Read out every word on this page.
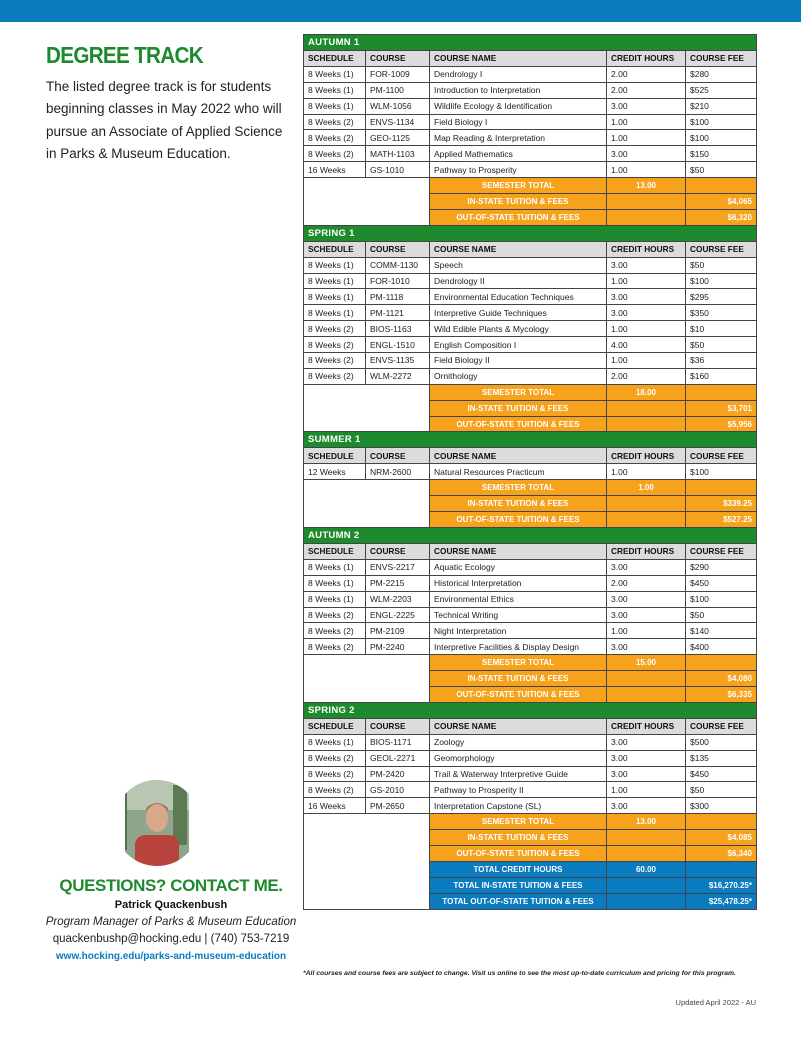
DEGREE TRACK
The listed degree track is for students beginning classes in May 2022 who will pursue an Associate of Applied Science in Parks & Museum Education.
QUESTIONS? CONTACT ME.
Patrick Quackenbush
Program Manager of Parks & Museum Education
quackenbushp@hocking.edu | (740) 753-7219
www.hocking.edu/parks-and-museum-education
AUTUMN 1				
SCHEDULE	COURSE	COURSE NAME	CREDIT HOURS	COURSE FEE
8 Weeks (1)	FOR-1009	Dendrology I	2.00	$280
8 Weeks (1)	PM-1100	Introduction to Interpretation	2.00	$525
8 Weeks (1)	WLM-1056	Wildlife Ecology & Identification	3.00	$210
8 Weeks (2)	ENVS-1134	Field Biology I	1.00	$100
8 Weeks (2)	GEO-1125	Map Reading & Interpretation	1.00	$100
8 Weeks (2)	MATH-1103	Applied Mathematics	3.00	$150
16 Weeks	GS-1010	Pathway to Prosperity	1.00	$50
		SEMESTER TOTAL	13.00	
		IN-STATE TUITION & FEES		$4,065
		OUT-OF-STATE TUITION & FEES		$6,320
SPRING 1				
SCHEDULE	COURSE	COURSE NAME	CREDIT HOURS	COURSE FEE
8 Weeks (1)	COMM-1130	Speech	3.00	$50
8 Weeks (1)	FOR-1010	Dendrology II	1.00	$100
8 Weeks (1)	PM-1118	Environmental Education Techniques	3.00	$295
8 Weeks (1)	PM-1121	Interpretive Guide Techniques	3.00	$350
8 Weeks (2)	BIOS-1163	Wild Edible Plants & Mycology	1.00	$10
8 Weeks (2)	ENGL-1510	English Composition I	4.00	$50
8 Weeks (2)	ENVS-1135	Field Biology II	1.00	$36
8 Weeks (2)	WLM-2272	Ornithology	2.00	$160
		SEMESTER TOTAL	18.00	
		IN-STATE TUITION & FEES		$3,701
		OUT-OF-STATE TUITION & FEES		$5,956
SUMMER 1				
SCHEDULE	COURSE	COURSE NAME	CREDIT HOURS	COURSE FEE
12 Weeks	NRM-2600	Natural Resources Practicum	1.00	$100
		SEMESTER TOTAL	1.00	
		IN-STATE TUITION & FEES		$339.25
		OUT-OF-STATE TUITION & FEES		$527.25
AUTUMN 2				
SCHEDULE	COURSE	COURSE NAME	CREDIT HOURS	COURSE FEE
8 Weeks (1)	ENVS-2217	Aquatic Ecology	3.00	$290
8 Weeks (1)	PM-2215	Historical Interpretation	2.00	$450
8 Weeks (1)	WLM-2203	Environmental Ethics	3.00	$100
8 Weeks (2)	ENGL-2225	Technical Writing	3.00	$50
8 Weeks (2)	PM-2109	Night Interpretation	1.00	$140
8 Weeks (2)	PM-2240	Interpretive Facilities & Display Design	3.00	$400
		SEMESTER TOTAL	15.00	
		IN-STATE TUITION & FEES		$4,080
		OUT-OF-STATE TUITION & FEES		$6,335
SPRING 2				
SCHEDULE	COURSE	COURSE NAME	CREDIT HOURS	COURSE FEE
8 Weeks (1)	BIOS-1171	Zoology	3.00	$500
8 Weeks (2)	GEOL-2271	Geomorphology	3.00	$135
8 Weeks (2)	PM-2420	Trail & Waterway Interpretive Guide	3.00	$450
8 Weeks (2)	GS-2010	Pathway to Prosperity II	1.00	$50
16 Weeks	PM-2650	Interpretation Capstone (SL)	3.00	$300
		SEMESTER TOTAL	13.00	
		IN-STATE TUITION & FEES		$4,085
		OUT-OF-STATE TUITION & FEES		$6,340
		TOTAL CREDIT HOURS	60.00	
		TOTAL IN-STATE TUITION & FEES		$16,270.25*
		TOTAL OUT-OF-STATE TUITION & FEES		$25,478.25*
*All courses and course fees are subject to change. Visit us online to see the most up-to-date curriculum and pricing for this program.
Updated April 2022 - AU
